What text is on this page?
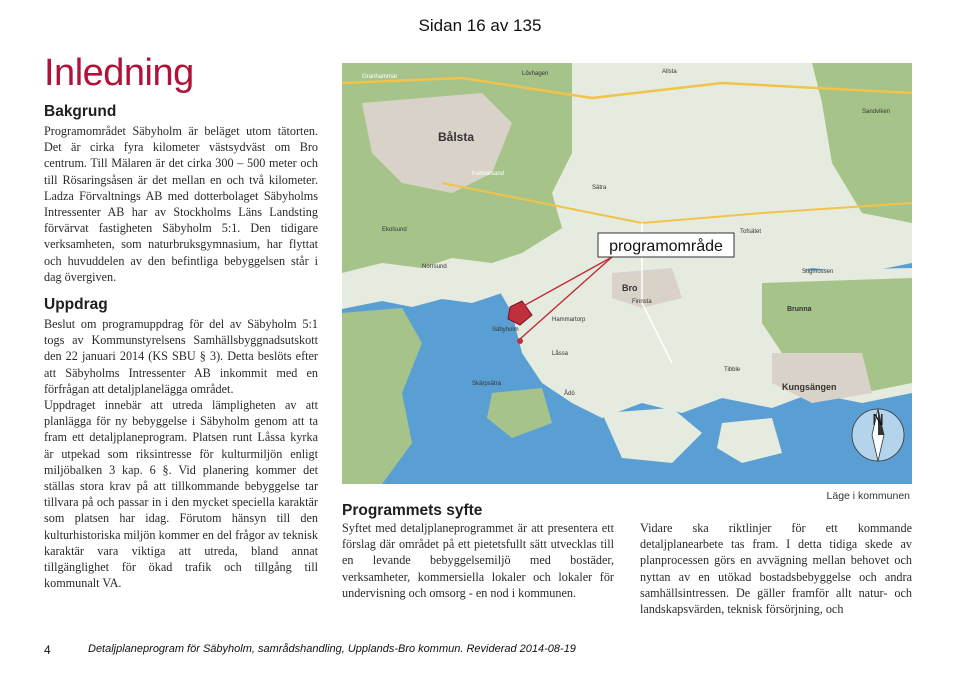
Sidan 16 av 135
Inledning
Bakgrund
Programområdet Säbyholm är beläget utom tätorten. Det är cirka fyra kilometer västsydväst om Bro centrum. Till Mälaren är det cirka 300 – 500 meter och till Rösaringsåsen är det mellan en och två kilometer. Ladza Förvaltnings AB med dotterbolaget Säbyholms Intressenter AB har av Stockholms Läns Landsting förvärvat fastigheten Säbyholm 5:1. Den tidigare verksamheten, som naturbruksgymnasium, har flyttat och huvuddelen av den befintliga bebyggelsen står i dag övergiven.
Uppdrag

Beslut om programuppdrag för del av Säbyholm 5:1 togs av Kommunstyrelsens Samhällsbyggnadsutskott den 22 januari 2014 (KS SBU § 3). Detta beslöts efter att Säbyholms Intressenter AB inkommit med en förfrågan att detaljplanelägga området.

Uppdraget innebär att utreda lämpligheten av att planlägga för ny bebyggelse i Säbyholm genom att ta fram ett detaljplaneprogram. Platsen runt Låssa kyrka är utpekad som riksintresse för kulturmiljön enligt miljöbalken 3 kap. 6 §. Vid planering kommer det ställas stora krav på att tillkommande bebyggelse tar tillvara på och passar in i den mycket speciella karaktär som platsen har idag. Förutom hänsyn till den kulturhistoriska miljön kommer en del frågor av teknisk karaktär vara viktiga att utreda, bland annat tillgänglighet för ökad trafik och tillgång till kommunalt VA.

programområde
Bålsta
Bro
Brunna
Kungsängen
Granhammar
Ekolsund
Lövhagen
Hammartorp
Säbyholm
Låssa
Ådö
Kalmarsand
Tibble
Finnsta
Tofsätet
Stigmossen
Sandviken
Skärpsätra
Allsta
Sätra
Norrsund
N
Läge i kommunen
Programmets syfte
Syftet med detaljplaneprogrammet är att presentera ett förslag där området på ett pietetsfullt sätt utvecklas till en levande bebyggelsemiljö med bostäder, verksamheter, kommersiella lokaler och lokaler för undervisning och omsorg - en nod i kommunen.
Vidare ska riktlinjer för ett kommande detaljplanearbete tas fram. I detta tidiga skede av planprocessen görs en avvägning mellan behovet och nyttan av en utökad bostadsbebyggelse och andra samhällsintressen. De gäller framför allt natur- och landskapsvärden, teknisk försörjning, och
4	Detaljplaneprogram för Säbyholm, samrådshandling, Upplands-Bro kommun. Reviderad 2014-08-19
